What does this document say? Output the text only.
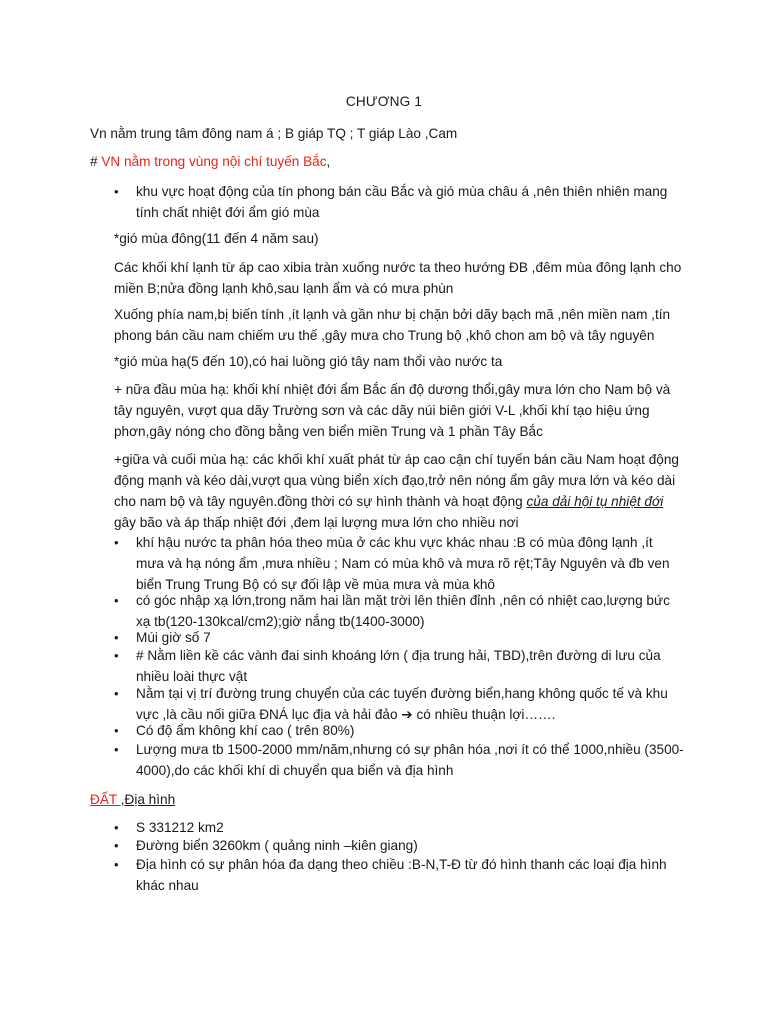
CHƯƠNG 1

Vn nằm trung tâm đông nam á ; B giáp TQ ; T giáp Lào ,Cam

# VN nằm trong vùng nội chí tuyến Bắc,

•	khu vực hoạt động của tín phong bán cầu Bắc và gió mùa châu á ,nên thiên nhiên mang tính chất nhiệt đới ẩm gió mùa

*gió mùa đông(11 đến 4 năm sau)

Các khối khí lạnh từ áp cao xibia tràn xuống nước ta theo hướng ĐB ,đêm mùa đông lạnh cho miền B;nửa đồng lạnh khô,sau lạnh ẩm và có mưa phùn

Xuống phía nam,bị biến tính ,ít lạnh và gần như bị chặn bởi dãy bạch mã ,nên miền nam ,tín phong bán cầu nam chiếm ưu thế ,gây mưa cho Trung bộ ,khô chon am bộ và tây nguyên

*gió mùa hạ(5 đến 10),có hai luồng gió tây nam thổi vào nước ta

+ nữa đầu mùa hạ: khối khí nhiệt đới ẩm Bắc ấn độ dương thổi,gây mưa lớn cho Nam bộ và tây nguyên, vượt qua dãy Trường sơn và các dãy núi biên giới V-L ,khối khí tạo hiệu ứng phơn,gây nóng cho đồng bằng ven biển miền Trung và 1 phần Tây Bắc

+giữa và cuối mùa hạ: các khối khí xuất phát từ áp cao cận chí tuyến bán cầu Nam hoạt động động mạnh và kéo dài,vượt qua vùng biển xích đạo,trở nên nóng ẩm gây mưa lớn và kéo dài cho nam bộ và tây nguyên.đồng thời có sự hình thành và hoạt động của dải hội tụ nhiệt đới gây bão và áp thấp nhiệt đới ,đem lại lượng mưa lớn cho nhiều nơi

•	khí hậu nước ta phân hóa theo mùa ở các khu vực khác nhau :B có mùa đông lạnh ,ít mưa và hạ nóng ẩm ,mưa nhiều ; Nam có mùa khô và mưa rõ rệt;Tây Nguyên và đb ven biển Trung Trung Bộ có sự đối lập về mùa mưa và mùa khô

•	có góc nhập xạ lớn,trong năm hai lần mặt trời lên thiên đỉnh ,nên có nhiệt cao,lượng bức xạ tb(120-130kcal/cm2);giờ nắng tb(1400-3000)

•	Múi giờ số 7

•	# Nằm liền kề các vành đai sinh khoáng lớn ( địa trung hải, TBD),trên đường di lưu của nhiều loài thực vật

•	Nằm tại vị trí đường trung chuyển của các tuyến đường biển,hang không quốc tế và khu vực ,là cầu nối giữa ĐNÁ lục địa và hải đảo ➔ có nhiều thuận lợi…….

•	Có độ ẩm không khí cao ( trên 80%)

•	Lượng mưa tb 1500-2000 mm/năm,nhưng có sự phân hóa ,nơi ít có thể 1000,nhiều (3500-4000),do các khối khí di chuyển qua biển và địa hình

ĐẤT ,Địa hình

•	S 331212 km2

•	Đường biển 3260km ( quảng ninh –kiên giang)

•	Địa hình có sự phân hóa đa dạng theo chiều :B-N,T-Đ từ đó hình thanh các loại địa hình khác nhau
